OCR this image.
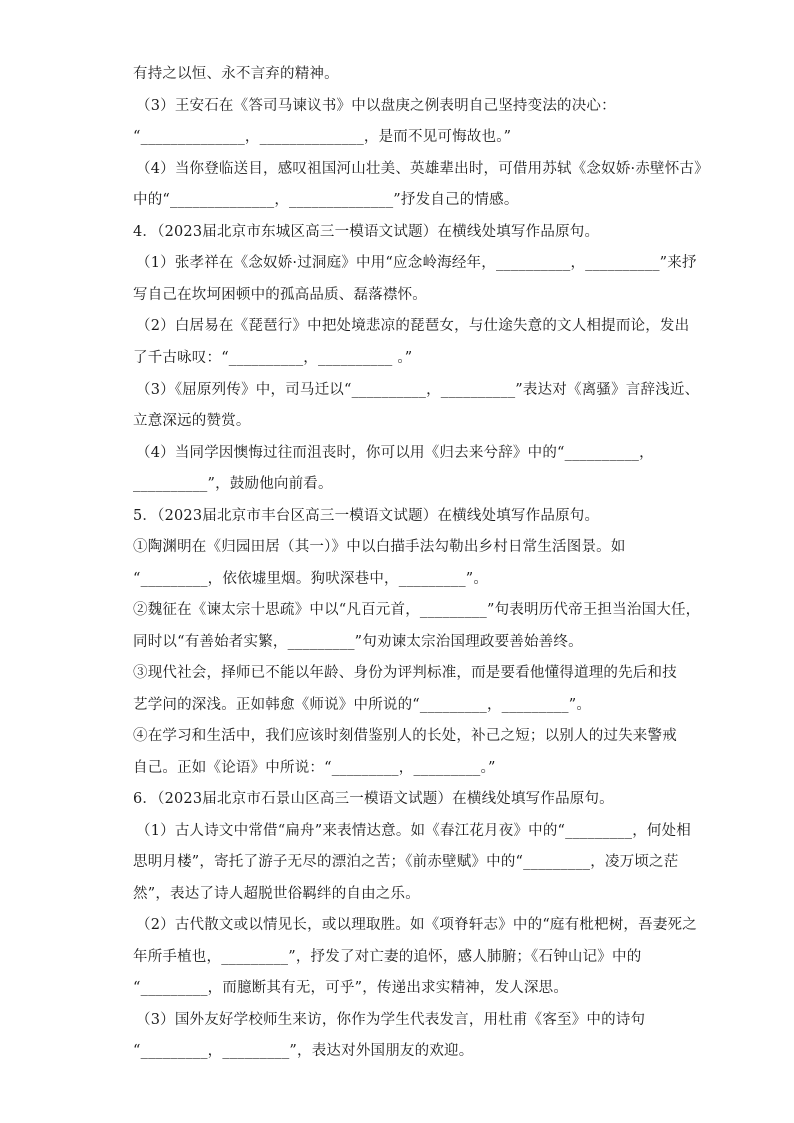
有持之以恒、永不言弃的精神。
（3）王安石在《答司马谏议书》中以盘庚之例表明自己坚持变法的决心：
“______________，______________，是而不见可悔故也。”
（4）当你登临送目，感叹祖国河山壮美、英雄辈出时，可借用苏轼《念奴娇·赤壁怀古》
中的“______________，______________”抒发自己的情感。
4．（2023届北京市东城区高三一模语文试题）在横线处填写作品原句。
（1）张孝祥在《念奴娇·过洞庭》中用“应念岭海经年，__________，__________”来抒
写自己在坎坷困顿中的孤高品质、磊落襟怀。
（2）白居易在《琵琶行》中把处境悲凉的琵琶女，与仕途失意的文人相提而论，发出
了千古咏叹：“__________，__________ 。”
（3）《屈原列传》中，司马迁以“__________，__________”表达对《离骚》言辞浅近、
立意深远的赞赏。
（4）当同学因懊悔过往而沮丧时，你可以用《归去来兮辞》中的“__________，
__________”，鼓励他向前看。
5．（2023届北京市丰台区高三一模语文试题）在横线处填写作品原句。
①陶渊明在《归园田居（其一）》中以白描手法勾勒出乡村日常生活图景。如
“_________，依依墟里烟。狗吠深巷中，_________”。
②魏征在《谏太宗十思疏》中以“凡百元首，_________”句表明历代帝王担当治国大任，
同时以“有善始者实繁，_________”句劝谏太宗治国理政要善始善终。
③现代社会，择师已不能以年龄、身份为评判标准，而是要看他懂得道理的先后和技
艺学问的深浅。正如韩愈《师说》中所说的“_________，_________”。
④在学习和生活中，我们应该时刻借鉴别人的长处，补己之短；以别人的过失来警戒
自己。正如《论语》中所说：“_________，_________。”
6．（2023届北京市石景山区高三一模语文试题）在横线处填写作品原句。
（1）古人诗文中常借“扁舟”来表情达意。如《春江花月夜》中的“_________，何处相
思明月楼”，寄托了游子无尽的漂泊之苦；《前赤壁赋》中的“_________，凌万顷之茫
然”，表达了诗人超脱世俗羁绊的自由之乐。
（2）古代散文或以情见长，或以理取胜。如《项脊轩志》中的“庭有枇杷树，吾妻死之
年所手植也，_________”，抒发了对亡妻的追怀，感人肺腑；《石钟山记》中的
“_________，而臆断其有无，可乎”，传递出求实精神，发人深思。
（3）国外友好学校师生来访，你作为学生代表发言，用杜甫《客至》中的诗句
“_________，_________”，表达对外国朋友的欢迎。
